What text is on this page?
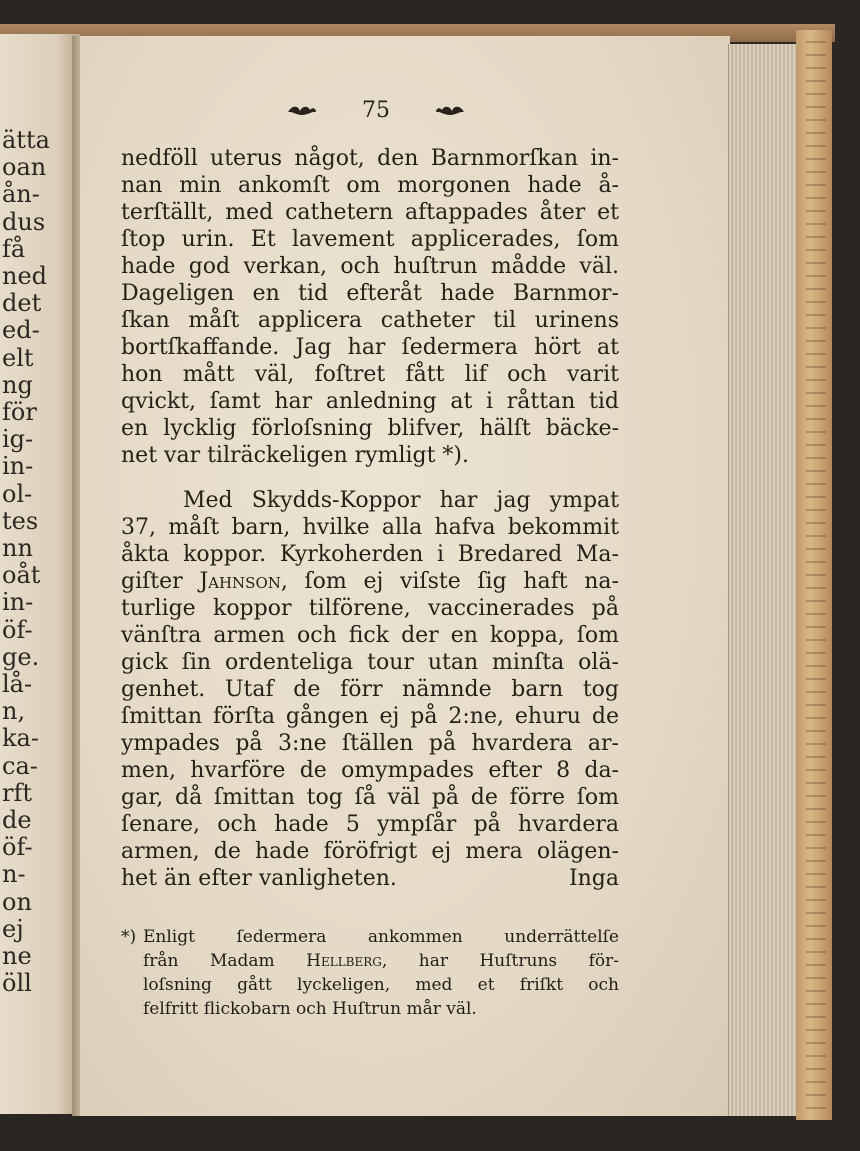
ätta
oan
ån-
dus
få
ned
det
ed-
elt
ng
för
ig-
in-
ol-
tes
nn
oåt
in-
öf-
ge.
lå-
n,
ka-
ca-
rft
de
öf-
n-
on
ej
ne
öll
75
nedföll uterus något, den Barnmorſkan in-
nan min ankomſt om morgonen hade å-
terſtällt, med cathetern aftappades åter et
ſtop urin. Et lavement applicerades, ſom
hade god verkan, och huſtrun mådde väl.
Dageligen en tid efteråt hade Barnmor-
ſkan måſt applicera catheter til urinens
bortſkaffande. Jag har ſedermera hört at
hon mått väl, foſtret fått lif och varit
qvickt, ſamt har anledning at i råttan tid
en lycklig förloſsning blifver, hälſt bäcke-
net var tilräckeligen rymligt *).
Med Skydds-Koppor har jag ympat
37, måſt barn, hvilke alla hafva bekommit
åkta koppor. Kyrkoherden i Bredared Ma-
giſter Jahnson, ſom ej viſste ſig haft na-
turlige koppor tilförene, vaccinerades på
vänſtra armen och fick der en koppa, ſom
gick ſin ordenteliga tour utan minſta olä-
genhet. Utaf de förr nämnde barn tog
ſmittan förſta gången ej på 2:ne, ehuru de
ympades på 3:ne ſtällen på hvardera ar-
men, hvarföre de omympades efter 8 da-
gar, då ſmittan tog ſå väl på de förre ſom
ſenare, och hade 5 ympſår på hvardera
armen, de hade föröfrigt ej mera olägen-
het än efter vanligheten.	Inga
*) Enligt ſedermera ankommen underrättelſe
från Madam Hellberg, har Huſtruns för-
loſsning gått lyckeligen, med et friſkt och
felfritt flickobarn och Huſtrun mår väl.
